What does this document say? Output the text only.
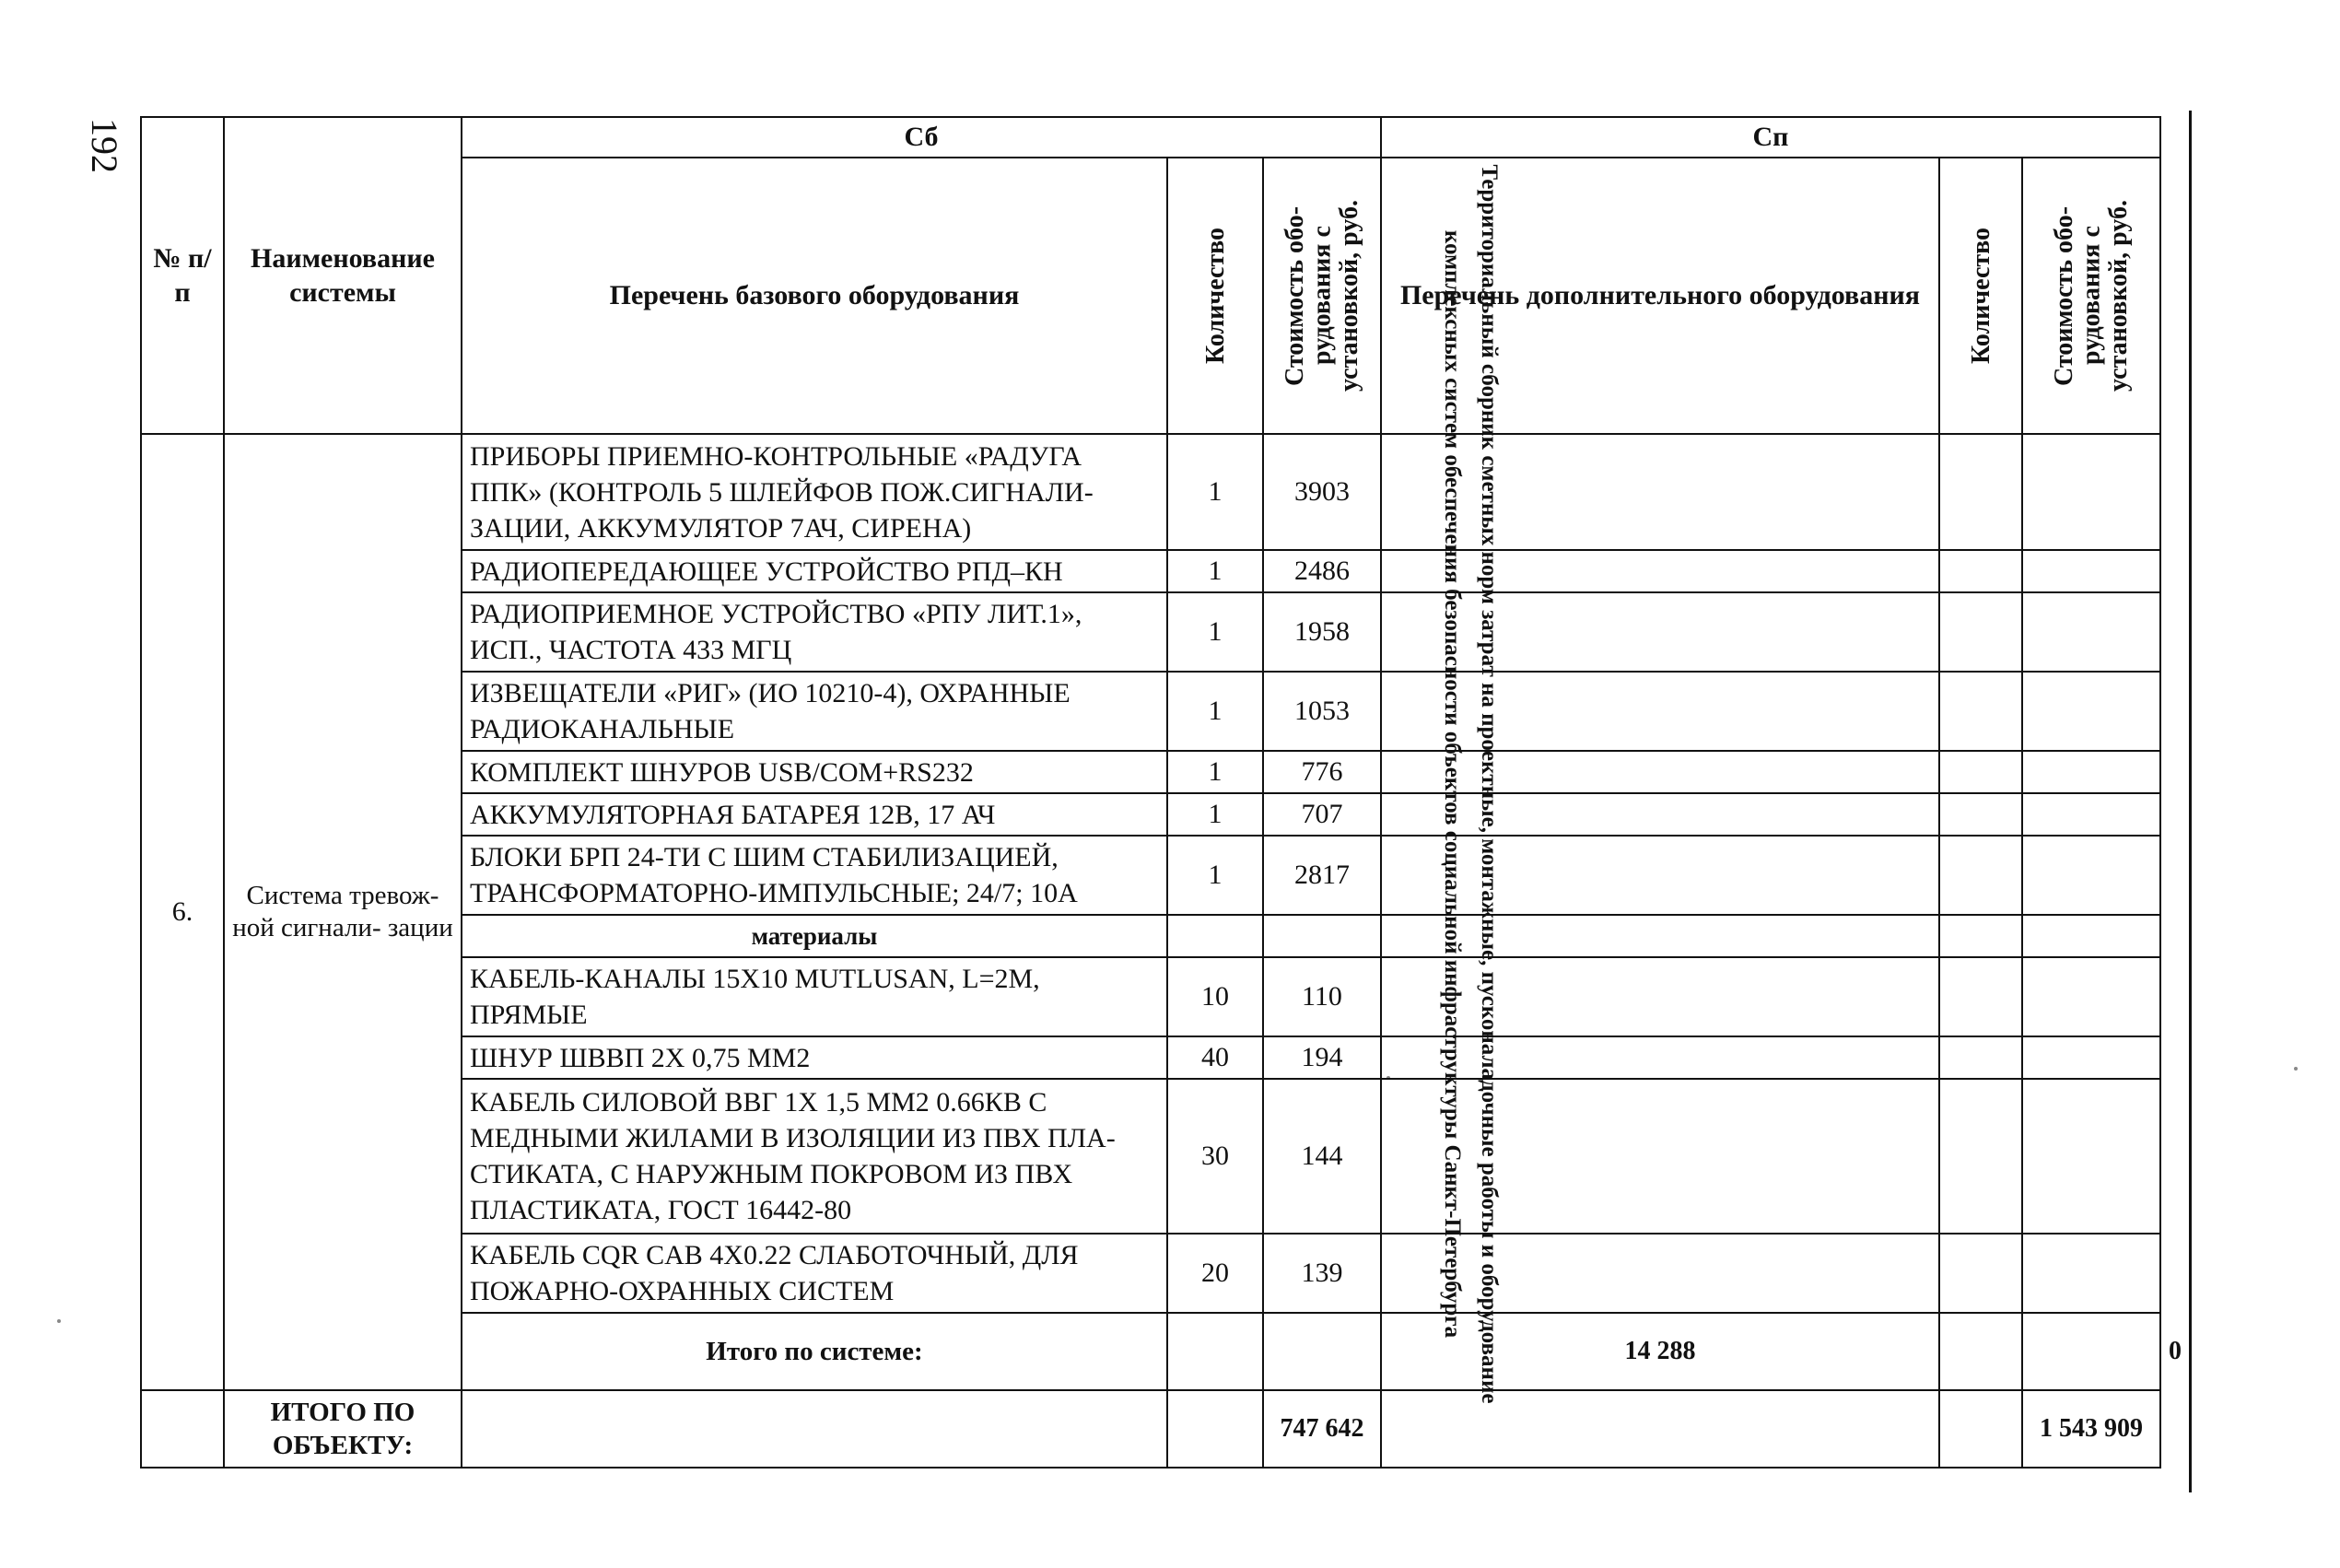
192
Территориальный сборник сметных норм затрат на проектные, монтажные, пусконаладочные работы и оборудование
комплексных систем обеспечения безопасности объектов социальной инфраструктуры Санкт-Петербурга
№ п/п	Наименование системы	Сб			Сп			
		Перечень базового оборудования	Количество	Стоимость обо- рудования с установкой, руб.	Перечень дополнительного оборудования	Количество	Стоимость обо- рудования с установкой, руб.	

6.	Система тревож- ной сигнали- зации	ПРИБОРЫ ПРИЕМНО-КОНТРОЛЬНЫЕ «РАДУГА ППК» (КОНТРОЛЬ 5 ШЛЕЙФОВ ПОЖ.СИГНАЛИ- ЗАЦИИ, АККУМУЛЯТОР 7АЧ, СИРЕНА)	1	3903				
		РАДИОПЕРЕДАЮЩЕЕ УСТРОЙСТВО РПД–КН	1	2486				
		РАДИОПРИЕМНОЕ УСТРОЙСТВО «РПУ ЛИТ.1», ИСП., ЧАСТОТА 433 МГЦ	1	1958				
		ИЗВЕЩАТЕЛИ «РИГ» (ИО 10210-4), ОХРАННЫЕ РАДИОКАНАЛЬНЫЕ	1	1053				
		КОМПЛЕКТ ШНУРОВ USB/COM+RS232	1	776				
		АККУМУЛЯТОРНАЯ БАТАРЕЯ 12В, 17 АЧ	1	707				
		БЛОКИ БРП 24-ТИ С ШИМ СТАБИЛИЗАЦИЕЙ, ТРАНСФОРМАТОРНО-ИМПУЛЬСНЫЕ; 24/7; 10А	1	2817				
		материалы						
		КАБЕЛЬ-КАНАЛЫ 15X10 MUTLUSAN, L=2M, ПРЯМЫЕ	10	110				
		ШНУР ШВВП 2X 0,75 ММ2	40	194				
		КАБЕЛЬ СИЛОВОЙ ВВГ 1X 1,5 ММ2 0.66КВ С МЕДНЫМИ ЖИЛАМИ В ИЗОЛЯЦИИ ИЗ ПВХ ПЛА- СТИКАТА, С НАРУЖНЫМ ПОКРОВОМ ИЗ ПВХ ПЛАСТИКАТА, ГОСТ 16442-80	30	144				
		КАБЕЛЬ CQR CAB 4X0.22 СЛАБОТОЧНЫЙ, ДЛЯ ПОЖАРНО-ОХРАННЫХ СИСТЕМ	20	139				
		Итого по системе:			14 288			0
	ИТОГО ПО ОБЪЕКТУ:			747 642			1 543 909	
